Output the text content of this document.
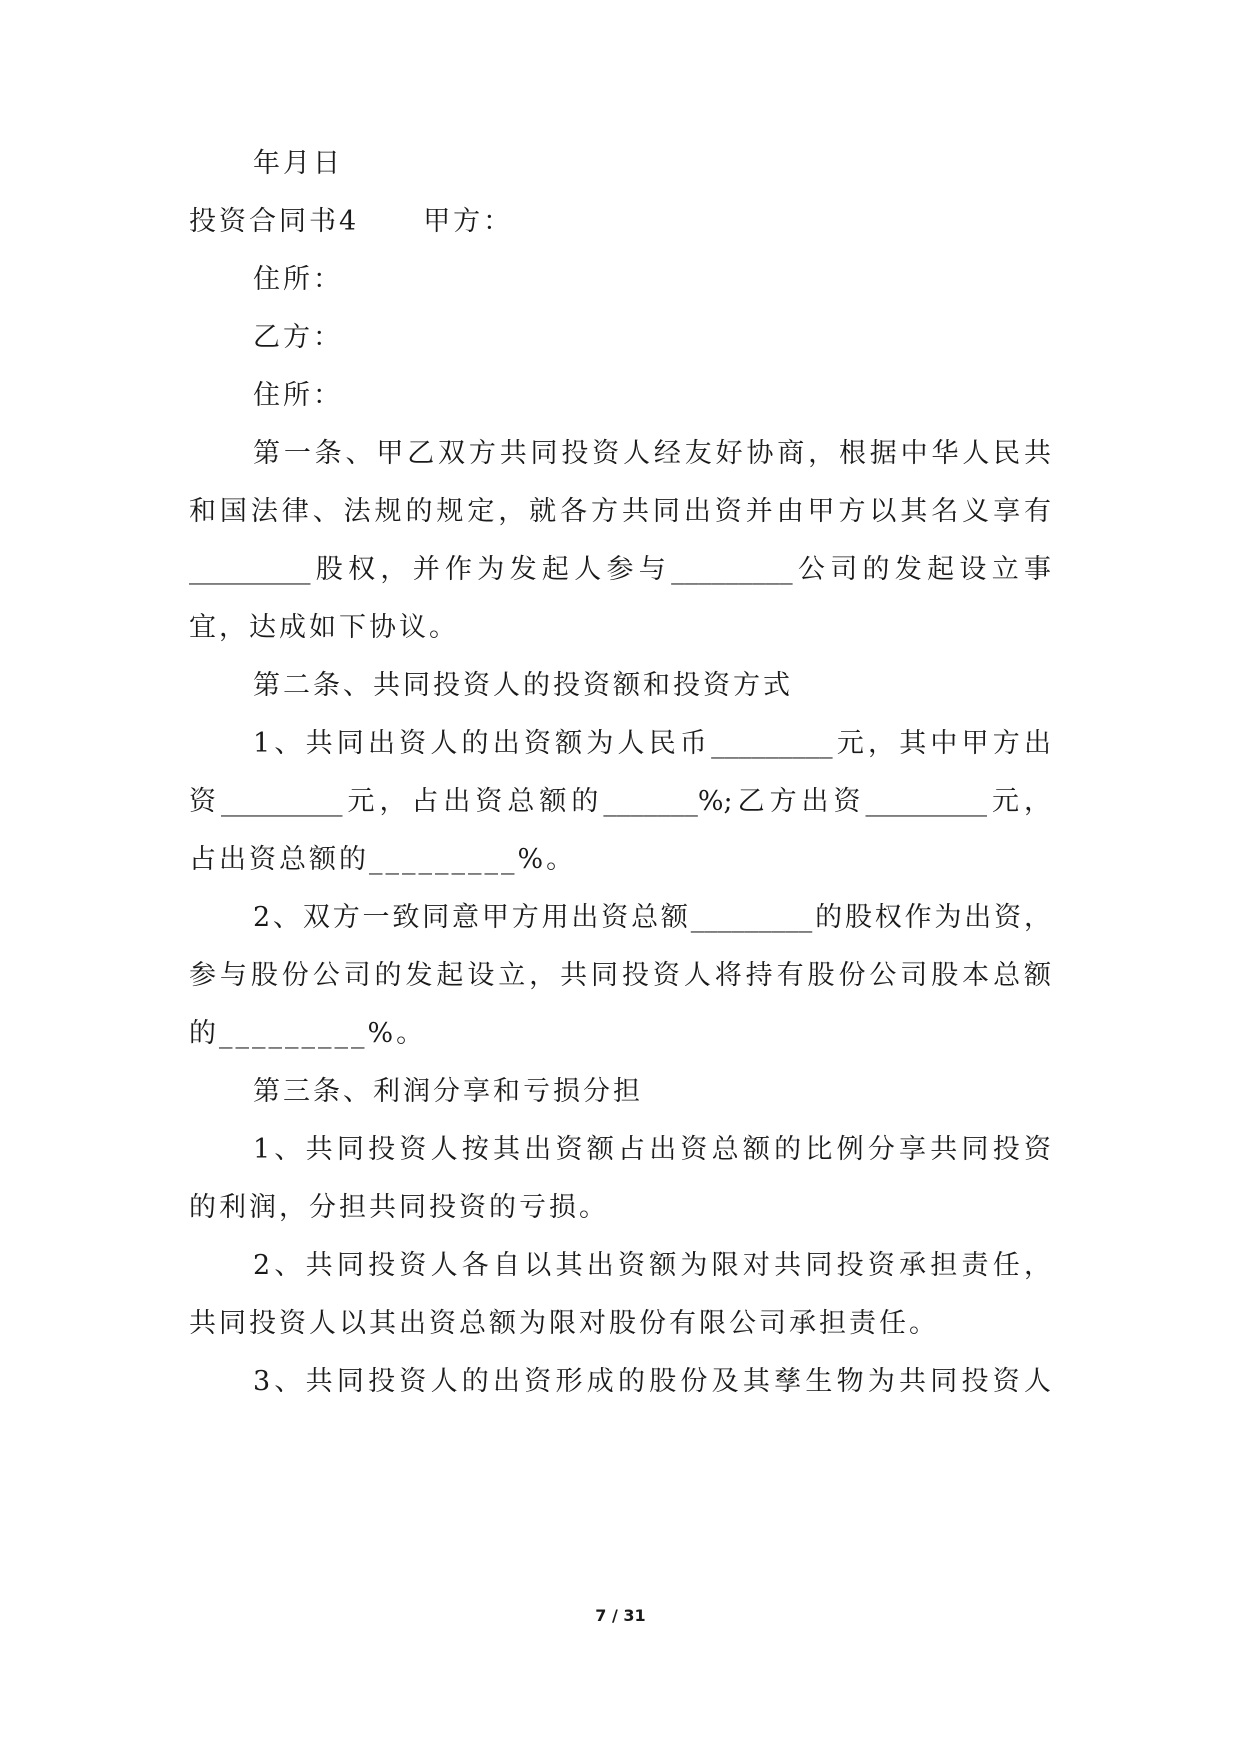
年月日
投资合同书4 甲方：
住所：
乙方：
住所：
第一条、甲乙双方共同投资人经友好协商，根据中华人民共
和国法律、法规的规定，就各方共同出资并由甲方以其名义享有
_________股权，并作为发起人参与_________公司的发起设立事
宜，达成如下协议。
第二条、共同投资人的投资额和投资方式
1、共同出资人的出资额为人民币_________元，其中甲方出
资_________元，占出资总额的_______%;乙方出资_________元，
占出资总额的_________%。
2、双方一致同意甲方用出资总额_________的股权作为出资，
参与股份公司的发起设立，共同投资人将持有股份公司股本总额
的_________%。
第三条、利润分享和亏损分担
1、共同投资人按其出资额占出资总额的比例分享共同投资
的利润，分担共同投资的亏损。
2、共同投资人各自以其出资额为限对共同投资承担责任，
共同投资人以其出资总额为限对股份有限公司承担责任。
3、共同投资人的出资形成的股份及其孳生物为共同投资人
7 / 31
